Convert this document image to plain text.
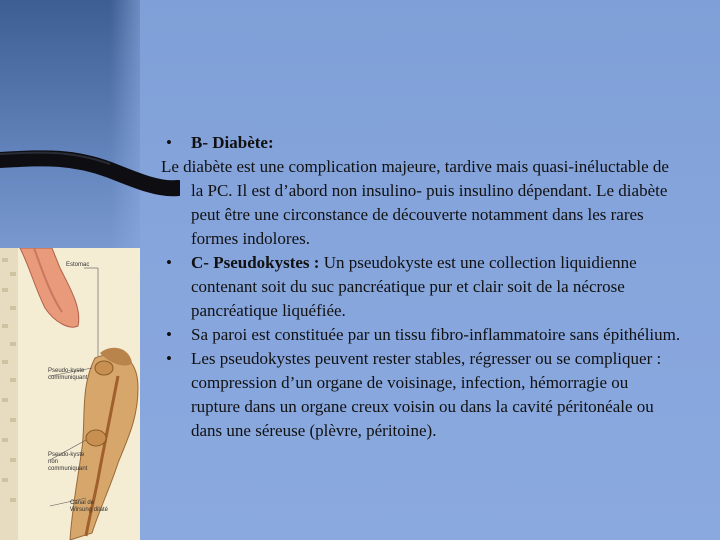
Estomac
Pseudo-kyste communiquant
Pseudo-kyste non communiquant
Canal de Wirsung dilaté

• B- Diabète:

Le diabète est une complication majeure, tardive mais quasi-inéluctable de la PC. Il est d’abord non insulino- puis insulino dépendant. Le diabète peut être une circonstance de découverte notamment dans les rares formes indolores.

• C- Pseudokystes : Un pseudokyste est une collection liquidienne contenant soit du suc pancréatique pur et clair soit de la nécrose pancréatique liquéfiée.

• Sa paroi est constituée par un tissu fibro-inflammatoire sans épithélium.

• Les pseudokystes peuvent rester stables, régresser ou se compliquer : compression d’un organe de voisinage, infection, hémorragie ou rupture dans un organe creux voisin ou dans la cavité péritonéale ou dans une séreuse (plèvre, péritoine).
